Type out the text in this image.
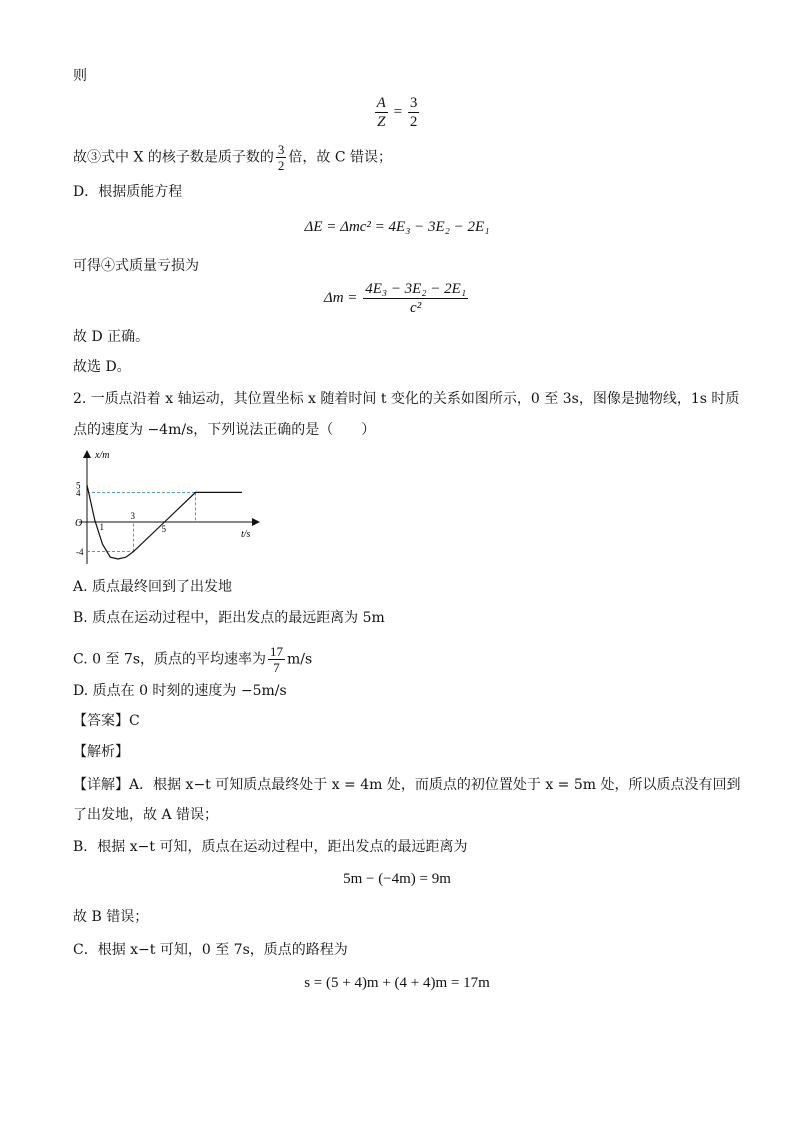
则
$\frac{A}{Z} = \frac{3}{2}$
故③式中 X 的核子数是质子数的 $\frac{3}{2}$ 倍，故 C 错误；
D．根据质能方程
ΔE = Δmc² = 4E₃ − 3E₂ − 2E₁
可得④式质量亏损为
$\Delta m = \frac{\text{4E₃ − 3E₂ − 2E₁}}{\text{c²}}$
故 D 正确。
故选 D。
2. 一质点沿着 x 轴运动，其位置坐标 x 随着时间 t 变化的关系如图所示，0 至 3s，图像是抛物线，1s 时质
点的速度为 −4m/s，下列说法正确的是（　　）
5
4
-4
1
3
5
x/m
t/s
O
A. 质点最终回到了出发地
B. 质点在运动过程中，距出发点的最远距离为 5m
C. 0 至 7s，质点的平均速率为 $\frac{17}{7} m/s$
D. 质点在 0 时刻的速度为 −5m/s
【答案】C
【解析】
【详解】A．根据 x−t 可知质点最终处于 x = 4m 处，而质点的初位置处于 x = 5m 处，所以质点没有回到
了出发地，故 A 错误；
B．根据 x−t 可知，质点在运动过程中，距出发点的最远距离为
5m − (−4m) = 9m
故 B 错误；
C．根据 x−t 可知，0 至 7s，质点的路程为
s = (5 + 4)m + (4 + 4)m = 17m
